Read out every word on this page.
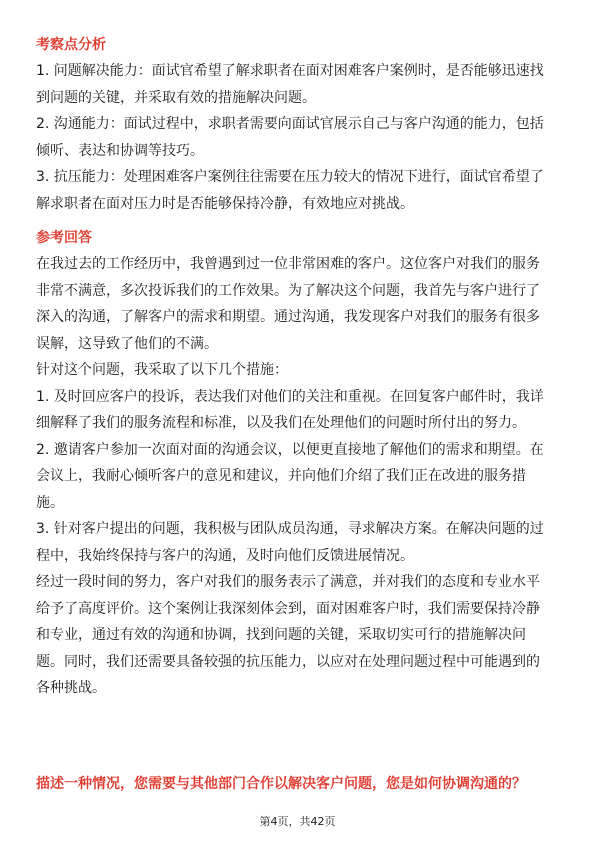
考察点分析
1. 问题解决能力：面试官希望了解求职者在面对困难客户案例时，是否能够迅速找
到问题的关键，并采取有效的措施解决问题。
2. 沟通能力：面试过程中，求职者需要向面试官展示自己与客户沟通的能力，包括
倾听、表达和协调等技巧。
3. 抗压能力：处理困难客户案例往往需要在压力较大的情况下进行，面试官希望了
解求职者在面对压力时是否能够保持冷静，有效地应对挑战。
参考回答
在我过去的工作经历中，我曾遇到过一位非常困难的客户。这位客户对我们的服务
非常不满意，多次投诉我们的工作效果。为了解决这个问题，我首先与客户进行了
深入的沟通，了解客户的需求和期望。通过沟通，我发现客户对我们的服务有很多
误解，这导致了他们的不满。
针对这个问题，我采取了以下几个措施：
1. 及时回应客户的投诉，表达我们对他们的关注和重视。在回复客户邮件时，我详
细解释了我们的服务流程和标准，以及我们在处理他们的问题时所付出的努力。
2. 邀请客户参加一次面对面的沟通会议，以便更直接地了解他们的需求和期望。在
会议上，我耐心倾听客户的意见和建议，并向他们介绍了我们正在改进的服务措
施。
3. 针对客户提出的问题，我积极与团队成员沟通，寻求解决方案。在解决问题的过
程中，我始终保持与客户的沟通，及时向他们反馈进展情况。
经过一段时间的努力，客户对我们的服务表示了满意，并对我们的态度和专业水平
给予了高度评价。这个案例让我深刻体会到，面对困难客户时，我们需要保持冷静
和专业，通过有效的沟通和协调，找到问题的关键，采取切实可行的措施解决问
题。同时，我们还需要具备较强的抗压能力，以应对在处理问题过程中可能遇到的
各种挑战。
描述一种情况，您需要与其他部门合作以解决客户问题，您是如何协调沟通的？
第4页，共42页
